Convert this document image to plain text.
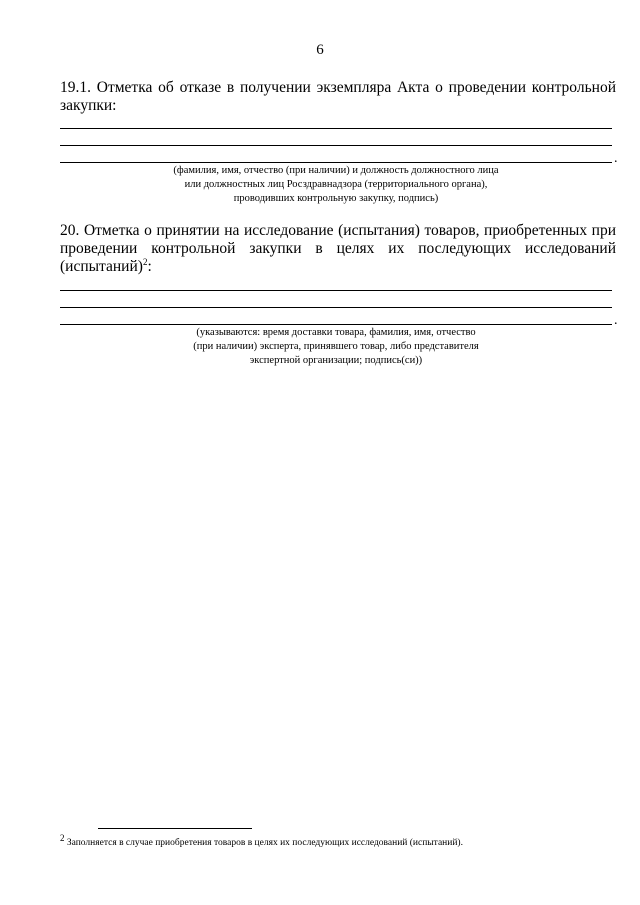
6
19.1. Отметка об отказе в получении экземпляра Акта о проведении контрольной
закупки:
.
(фамилия, имя, отчество (при наличии) и должность должностного лица
или должностных лиц Росздравнадзора (территориального органа),
проводивших контрольную закупку, подпись)
20. Отметка о принятии на исследование (испытания) товаров, приобретенных при
проведении контрольной закупки в целях их последующих исследований
(испытаний)$^2$:
.
(указываются: время доставки товара, фамилия, имя, отчество
(при наличии) эксперта, принявшего товар, либо представителя
экспертной организации; подпись(си))
$^2$ Заполняется в случае приобретения товаров в целях их последующих исследований (испытаний).
